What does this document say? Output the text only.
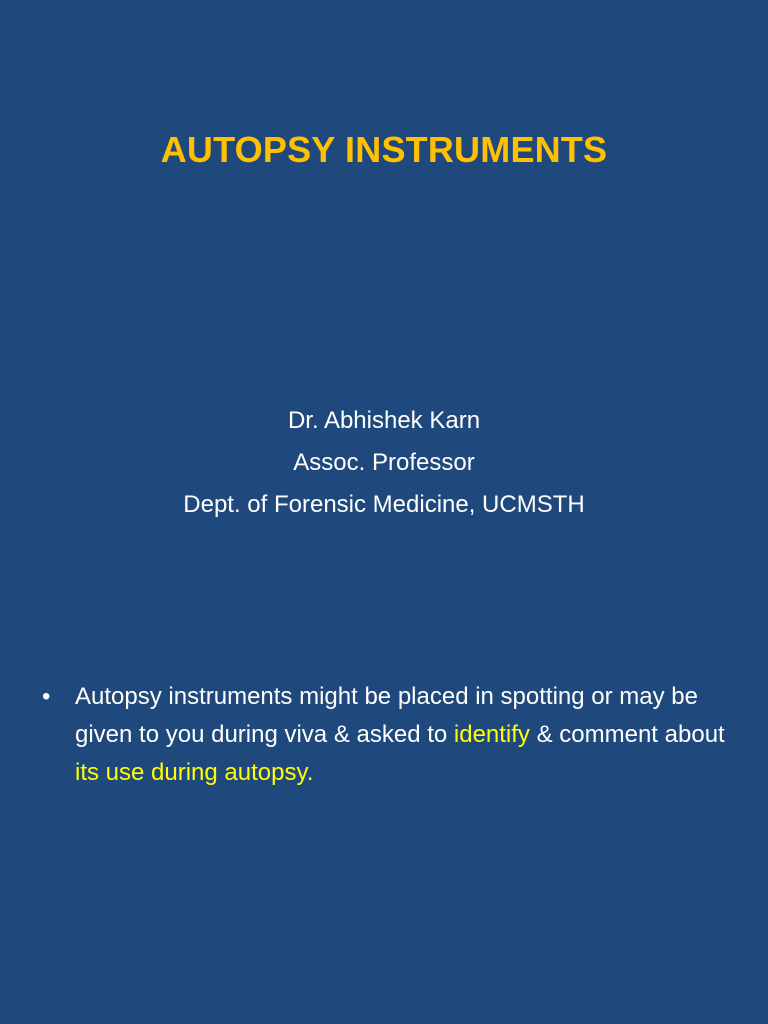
AUTOPSY INSTRUMENTS
Dr. Abhishek Karn
Assoc. Professor
Dept. of Forensic Medicine, UCMSTH
• Autopsy instruments might be placed in spotting or may be given to you during viva & asked to identify & comment about its use during autopsy.
